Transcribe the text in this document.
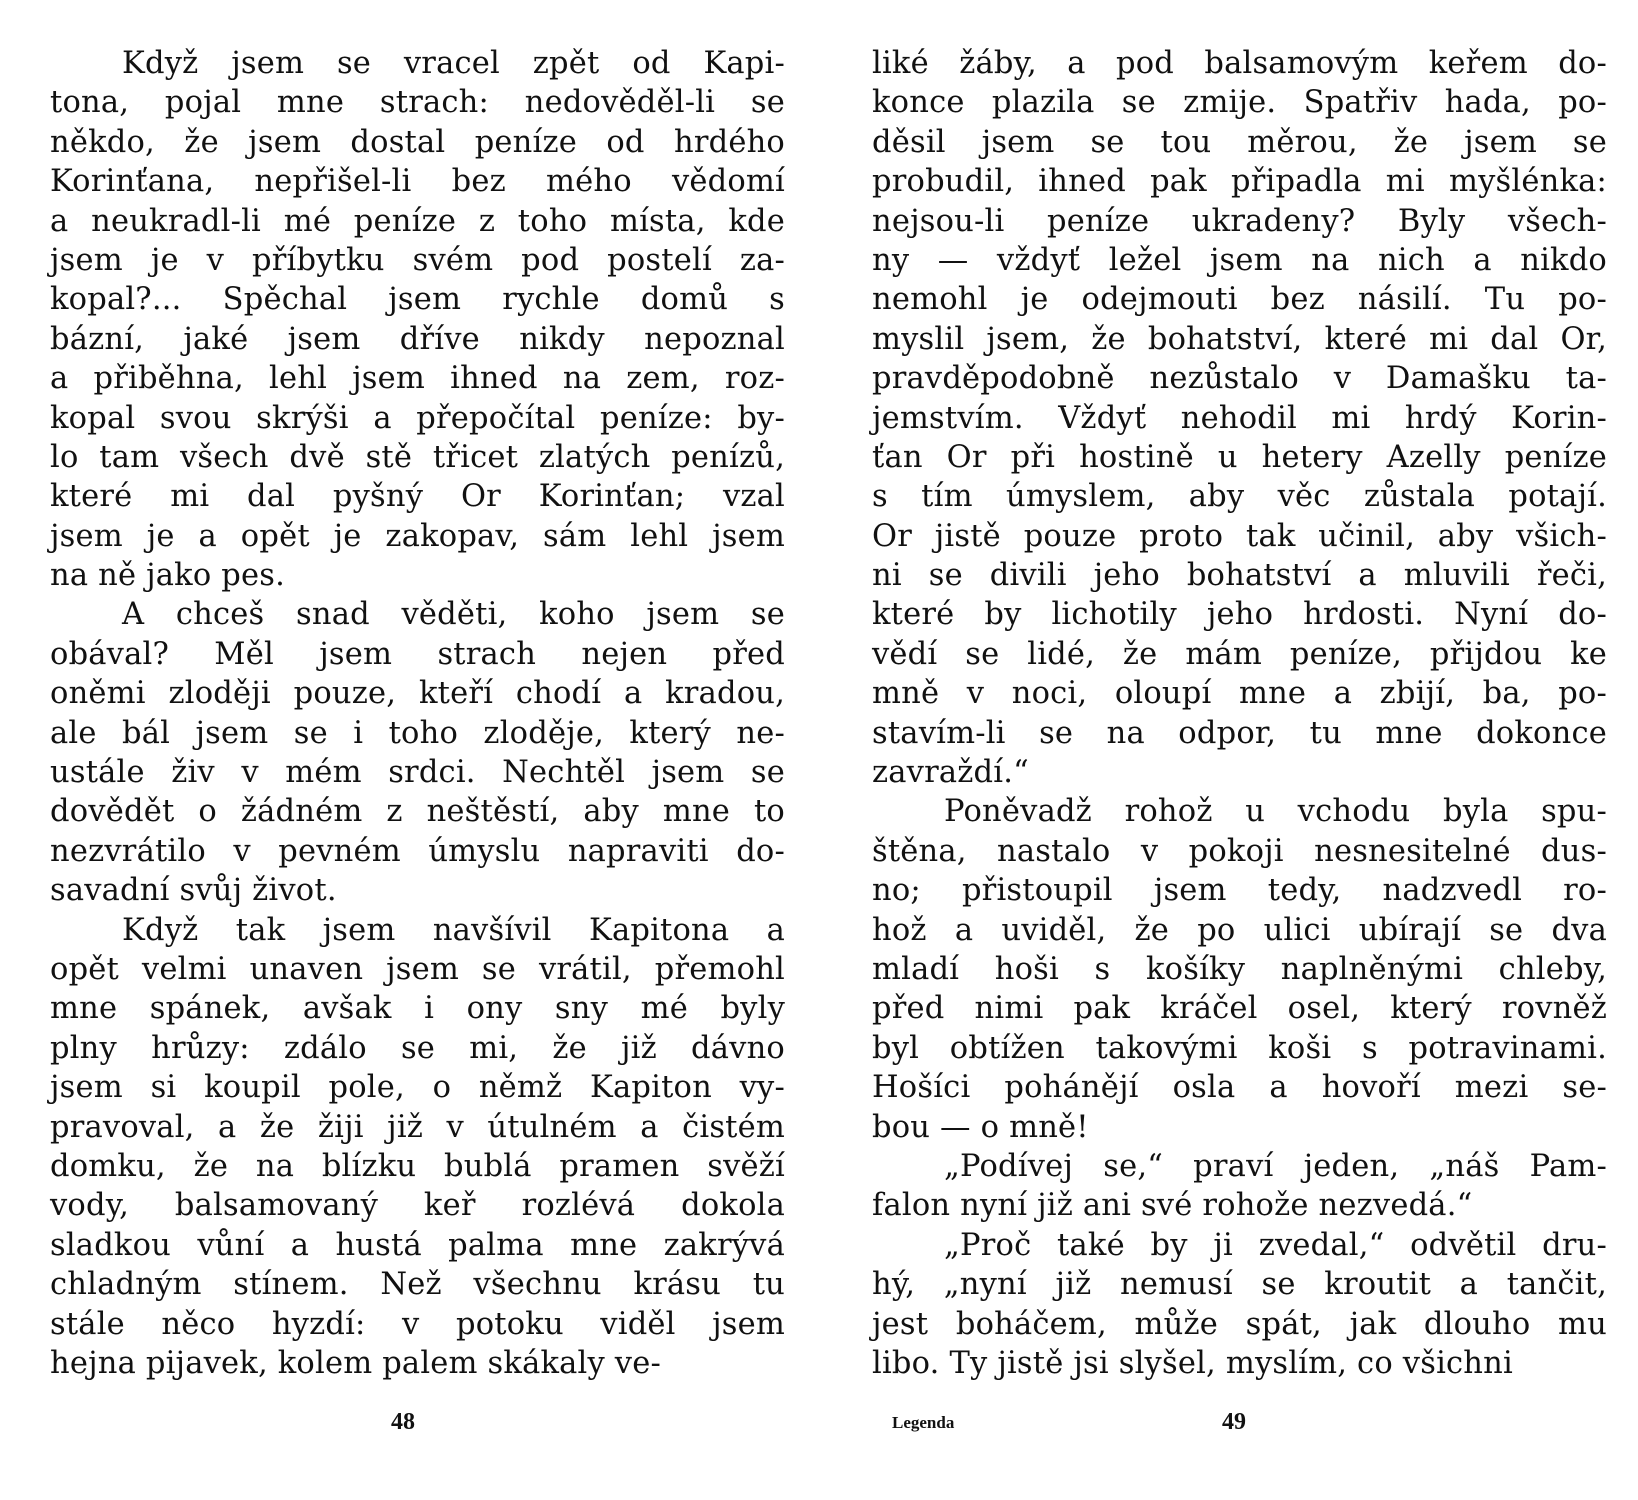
Když jsem se vracel zpět od Kapi-
tona, pojal mne strach: nedověděl-li se
někdo, že jsem dostal peníze od hrdého
Korinťana, nepřišel-li bez mého vědomí
a neukradl-li mé peníze z toho místa, kde
jsem je v příbytku svém pod postelí za-
kopal?... Spěchal jsem rychle domů s
bázní, jaké jsem dříve nikdy nepoznal
a přiběhna, lehl jsem ihned na zem, roz-
kopal svou skrýši a přepočítal peníze: by-
lo tam všech dvě stě třicet zlatých penízů,
které mi dal pyšný Or Korinťan; vzal
jsem je a opět je zakopav, sám lehl jsem
na ně jako pes.
A chceš snad věděti, koho jsem se
obával? Měl jsem strach nejen před
oněmi zloději pouze, kteří chodí a kradou,
ale bál jsem se i toho zloděje, který ne-
ustále živ v mém srdci. Nechtěl jsem se
dovědět o žádném z neštěstí, aby mne to
nezvrátilo v pevném úmyslu napraviti do-
savadní svůj život.
Když tak jsem navšívil Kapitona a
opět velmi unaven jsem se vrátil, přemohl
mne spánek, avšak i ony sny mé byly
plny hrůzy: zdálo se mi, že již dávno
jsem si koupil pole, o němž Kapiton vy-
pravoval, a že žiji již v útulném a čistém
domku, že na blízku bublá pramen svěží
vody, balsamovaný keř rozlévá dokola
sladkou vůní a hustá palma mne zakrývá
chladným stínem. Než všechnu krásu tu
stále něco hyzdí: v potoku viděl jsem
hejna pijavek, kolem palem skákaly ve-
48
liké žáby, a pod balsamovým keřem do-
konce plazila se zmije. Spatřiv hada, po-
děsil jsem se tou měrou, že jsem se
probudil, ihned pak připadla mi myšlénka:
nejsou-li peníze ukradeny? Byly všech-
ny — vždyť ležel jsem na nich a nikdo
nemohl je odejmouti bez násilí. Tu po-
myslil jsem, že bohatství, které mi dal Or,
pravděpodobně nezůstalo v Damašku ta-
jemstvím. Vždyť nehodil mi hrdý Korin-
ťan Or při hostině u hetery Azelly peníze
s tím úmyslem, aby věc zůstala potají.
Or jistě pouze proto tak učinil, aby všich-
ni se divili jeho bohatství a mluvili řeči,
které by lichotily jeho hrdosti. Nyní do-
vědí se lidé, že mám peníze, přijdou ke
mně v noci, oloupí mne a zbijí, ba, po-
stavím-li se na odpor, tu mne dokonce
zavraždí.“
Poněvadž rohož u vchodu byla spu-
štěna, nastalo v pokoji nesnesitelné dus-
no; přistoupil jsem tedy, nadzvedl ro-
hož a uviděl, že po ulici ubírají se dva
mladí hoši s košíky naplněnými chleby,
před nimi pak kráčel osel, který rovněž
byl obtížen takovými koši s potravinami.
Hošíci pohánějí osla a hovoří mezi se-
bou — o mně!
„Podívej se,“ praví jeden, „náš Pam-
falon nyní již ani své rohože nezvedá.“
„Proč také by ji zvedal,“ odvětil dru-
hý, „nyní již nemusí se kroutit a tančit,
jest boháčem, může spát, jak dlouho mu
libo. Ty jistě jsi slyšel, myslím, co všichni
Legenda	49
